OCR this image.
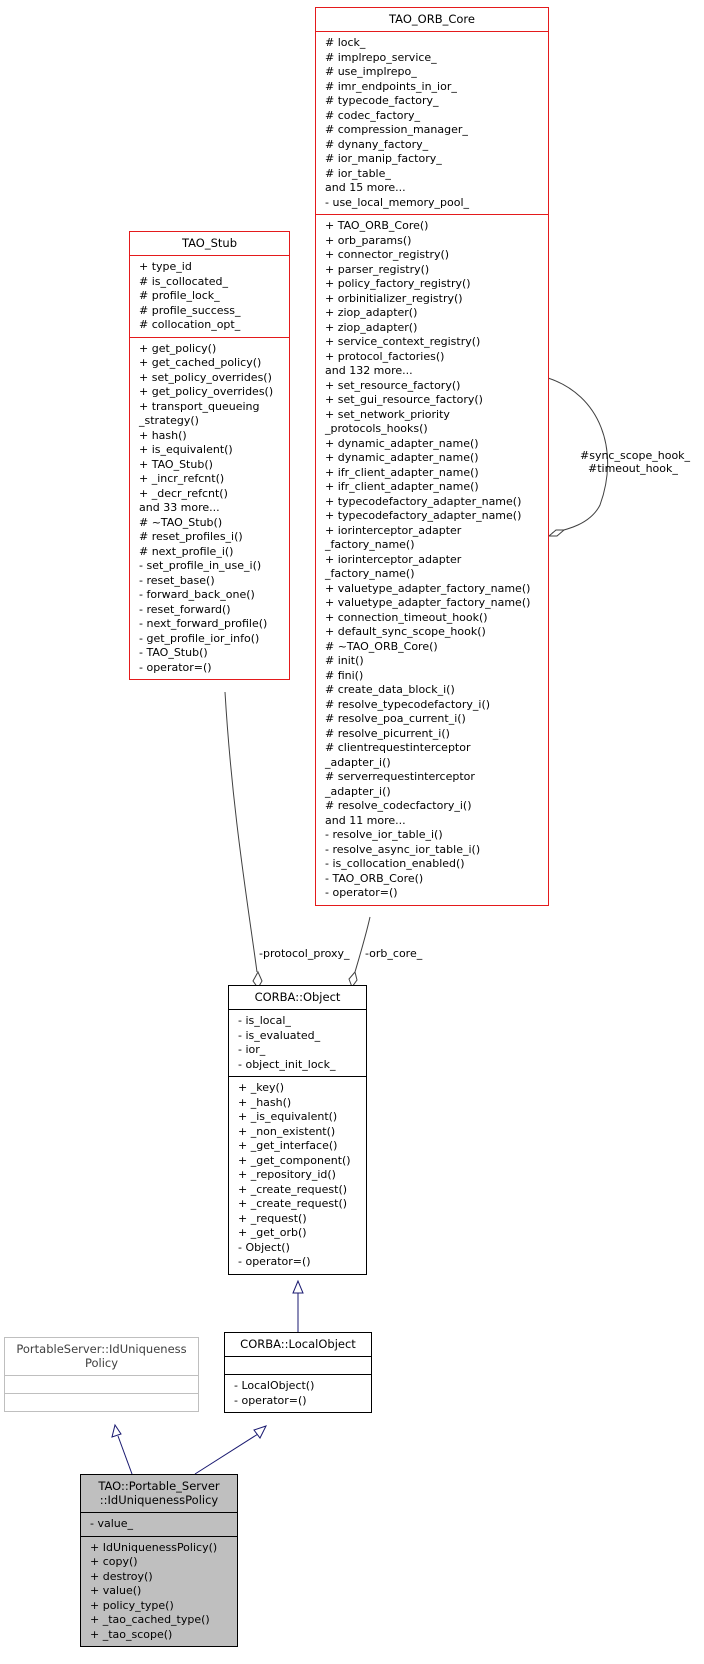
-protocol_proxy_ -orb_core_
#sync_scope_hook_
#timeout_hook_
TAO_ORB_Core
# lock_
# implrepo_service_
# use_implrepo_
# imr_endpoints_in_ior_
# typecode_factory_
# codec_factory_
# compression_manager_
# dynany_factory_
# ior_manip_factory_
# ior_table_
and 15 more...
- use_local_memory_pool_
+ TAO_ORB_Core()
+ orb_params()
+ connector_registry()
+ parser_registry()
+ policy_factory_registry()
+ orbinitializer_registry()
+ ziop_adapter()
+ ziop_adapter()
+ service_context_registry()
+ protocol_factories()
and 132 more...
+ set_resource_factory()
+ set_gui_resource_factory()
+ set_network_priority
_protocols_hooks()
+ dynamic_adapter_name()
+ dynamic_adapter_name()
+ ifr_client_adapter_name()
+ ifr_client_adapter_name()
+ typecodefactory_adapter_name()
+ typecodefactory_adapter_name()
+ iorinterceptor_adapter
_factory_name()
+ iorinterceptor_adapter
_factory_name()
+ valuetype_adapter_factory_name()
+ valuetype_adapter_factory_name()
+ connection_timeout_hook()
+ default_sync_scope_hook()
# ~TAO_ORB_Core()
# init()
# fini()
# create_data_block_i()
# resolve_typecodefactory_i()
# resolve_poa_current_i()
# resolve_picurrent_i()
# clientrequestinterceptor
_adapter_i()
# serverrequestinterceptor
_adapter_i()
# resolve_codecfactory_i()
and 11 more...
- resolve_ior_table_i()
- resolve_async_ior_table_i()
- is_collocation_enabled()
- TAO_ORB_Core()
- operator=()
TAO_Stub
+ type_id
# is_collocated_
# profile_lock_
# profile_success_
# collocation_opt_
+ get_policy()
+ get_cached_policy()
+ set_policy_overrides()
+ get_policy_overrides()
+ transport_queueing
_strategy()
+ hash()
+ is_equivalent()
+ TAO_Stub()
+ _incr_refcnt()
+ _decr_refcnt()
and 33 more...
# ~TAO_Stub()
# reset_profiles_i()
# next_profile_i()
- set_profile_in_use_i()
- reset_base()
- forward_back_one()
- reset_forward()
- next_forward_profile()
- get_profile_ior_info()
- TAO_Stub()
- operator=()
CORBA::Object
- is_local_
- is_evaluated_
- ior_
- object_init_lock_
+ _key()
+ _hash()
+ _is_equivalent()
+ _non_existent()
+ _get_interface()
+ _get_component()
+ _repository_id()
+ _create_request()
+ _create_request()
+ _request()
+ _get_orb()
- Object()
- operator=()
CORBA::LocalObject
- LocalObject()
- operator=()
PortableServer::IdUniqueness
Policy
TAO::Portable_Server
::IdUniquenessPolicy
- value_
+ IdUniquenessPolicy()
+ copy()
+ destroy()
+ value()
+ policy_type()
+ _tao_cached_type()
+ _tao_scope()
